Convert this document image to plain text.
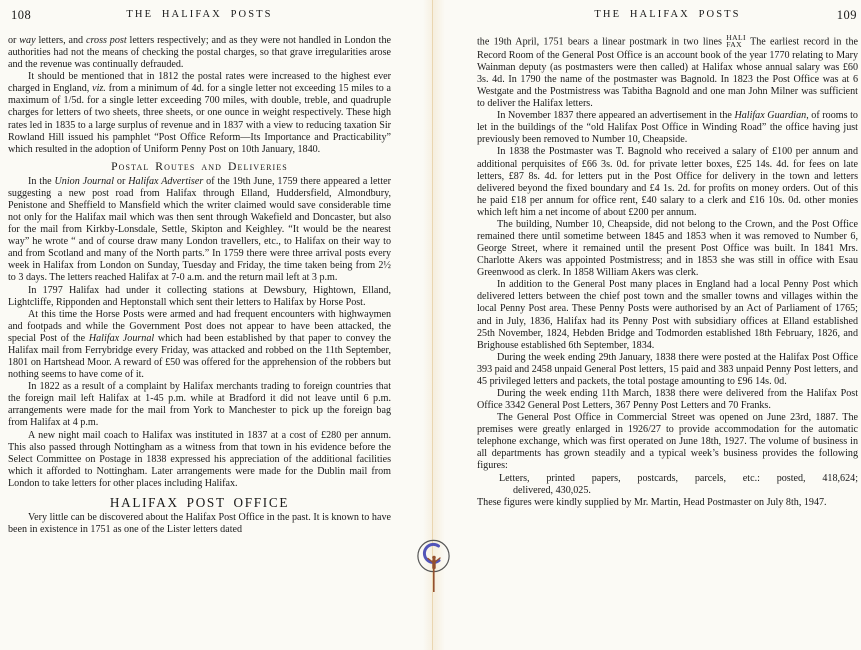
108	THE HALIFAX POSTS
or way letters, and cross post letters respectively; and as they were not handled in London the authorities had not the means of checking the postal charges, so that grave irregularities arose and the revenue was continually defrauded.
It should be mentioned that in 1812 the postal rates were increased to the highest ever charged in England, viz. from a minimum of 4d. for a single letter not exceeding 15 miles to a maximum of 1/5d. for a single letter exceeding 700 miles, with double, treble, and quadruple charges for letters of two sheets, three sheets, or one ounce in weight respectively. These high rates led in 1835 to a large surplus of revenue and in 1837 with a view to reducing taxation Sir Rowland Hill issued his pamphlet “Post Office Reform—Its Importance and Practicability” which resulted in the adoption of Uniform Penny Post on 10th January, 1840.
Postal Routes and Deliveries
In the Union Journal or Halifax Advertiser of the 19th June, 1759 there appeared a letter suggesting a new post road from Halifax through Elland, Huddersfield, Almondbury, Penistone and Sheffield to Mansfield which the writer claimed would save considerable time not only for the Halifax mail which was then sent through Wakefield and Doncaster, but also for the mail from Kirkby-Lonsdale, Settle, Skipton and Keighley. “It would be the nearest way” he wrote “ and of course draw many London travellers, etc., to Halifax on their way to and from Scotland and many of the North parts.” In 1759 there were three arrival posts every week in Halifax from London on Sunday, Tuesday and Friday, the time taken being from 2½ to 3 days. The letters reached Halifax at 7-0 a.m. and the return mail left at 3 p.m.
In 1797 Halifax had under it collecting stations at Dewsbury, Hightown, Elland, Lightcliffe, Ripponden and Heptonstall which sent their letters to Halifax by Horse Post.
At this time the Horse Posts were armed and had frequent encounters with highwaymen and footpads and while the Government Post does not appear to have been attacked, the special Post of the Halifax Journal which had been established by that paper to convey the Halifax mail from Ferrybridge every Friday, was attacked and robbed on the 11th September, 1801 on Hartshead Moor. A reward of £50 was offered for the apprehension of the robbers but nothing seems to have come of it.
In 1822 as a result of a complaint by Halifax merchants trading to foreign countries that the foreign mail left Halifax at 1-45 p.m. while at Bradford it did not leave until 6 p.m. arrangements were made for the mail from York to Manchester to pick up the foreign bag from Halifax at 4 p.m.
A new night mail coach to Halifax was instituted in 1837 at a cost of £280 per annum. This also passed through Nottingham as a witness from that town in his evidence before the Select Committee on Postage in 1838 expressed his appreciation of the additional facilities which it afforded to Nottingham. Later arrangements were made for the Dublin mail from London to take letters for other places including Halifax.
HALIFAX POST OFFICE
Very little can be discovered about the Halifax Post Office in the past. It is known to have been in existence in 1751 as one of the Lister letters dated
THE HALIFAX POSTS	109
the 19th April, 1751 bears a linear postmark in two lines HALI
FAX The earliest record in the Record Room of the General Post Office is an account book of the year 1770 relating to Mary Wainman deputy (as postmasters were then called) at Halifax whose annual salary was £60 3s. 4d. In 1790 the name of the postmaster was Bagnold. In 1823 the Post Office was at 6 Westgate and the Postmistress was Tabitha Bagnold and one man John Milner was sufficient to deliver the Halifax letters.
In November 1837 there appeared an advertisement in the Halifax Guardian, of rooms to let in the buildings of the “old Halifax Post Office in Winding Road” the office having just previously been removed to Number 10, Cheapside.
In 1838 the Postmaster was T. Bagnold who received a salary of £100 per annum and additional perquisites of £66 3s. 0d. for private letter boxes, £25 14s. 4d. for fees on late letters, £87 8s. 4d. for letters put in the Post Office for delivery in the town and letters delivered beyond the fixed boundary and £4 1s. 2d. for profits on money orders. Out of this he paid £18 per annum for office rent, £40 salary to a clerk and £16 10s. 0d. other monies which left him a net income of about £200 per annum.
The building, Number 10, Cheapside, did not belong to the Crown, and the Post Office remained there until sometime between 1845 and 1853 when it was removed to Number 6, George Street, where it remained until the present Post Office was built. In 1841 Mrs. Charlotte Akers was appointed Postmistress; and in 1853 she was still in office with Esau Greenwood as clerk. In 1858 William Akers was clerk.
In addition to the General Post many places in England had a local Penny Post which delivered letters between the chief post town and the smaller towns and villages within the local Penny Post area. These Penny Posts were authorised by an Act of Parliament of 1765; and in July, 1836, Halifax had its Penny Post with subsidiary offices at Elland established 25th November, 1824, Hebden Bridge and Todmorden established 18th February, 1826, and Brighouse established 6th September, 1834.
During the week ending 29th January, 1838 there were posted at the Halifax Post Office 393 paid and 2458 unpaid General Post letters, 15 paid and 383 unpaid Penny Post letters, and 45 privileged letters and packets, the total postage amounting to £96 14s. 0d.
During the week ending 11th March, 1838 there were delivered from the Halifax Post Office 3342 General Post Letters, 367 Penny Post Letters and 70 Franks.
The General Post Office in Commercial Street was opened on June 23rd, 1887. The premises were greatly enlarged in 1926/27 to provide accommodation for the automatic telephone exchange, which was first operated on June 18th, 1927. The volume of business in all departments has grown steadily and a typical week’s business provides the following figures:
Letters, printed papers, postcards, parcels, etc.: posted, 418,624;
delivered, 430,025.
These figures were kindly supplied by Mr. Martin, Head Postmaster on July 8th, 1947.
